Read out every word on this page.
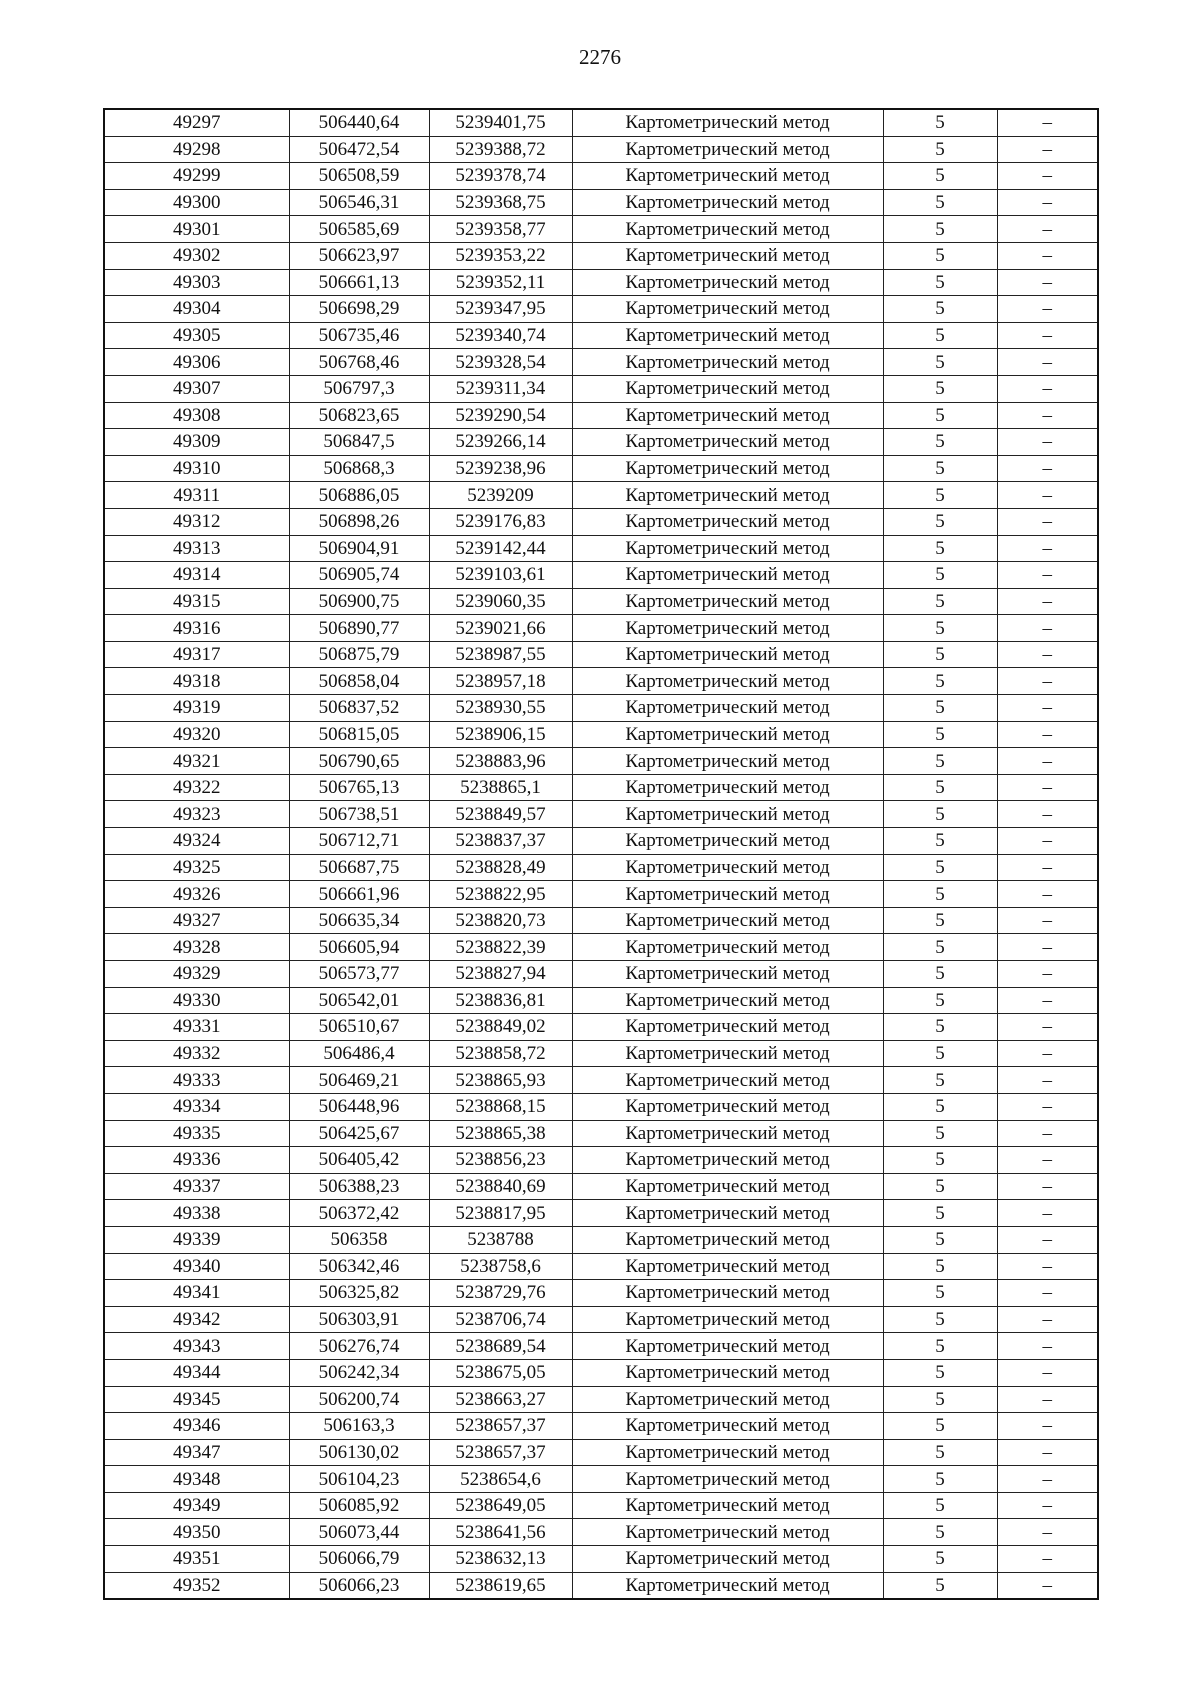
2276
49297	506440,64	5239401,75	Картометрический метод	5	–
49298	506472,54	5239388,72	Картометрический метод	5	–
49299	506508,59	5239378,74	Картометрический метод	5	–
49300	506546,31	5239368,75	Картометрический метод	5	–
49301	506585,69	5239358,77	Картометрический метод	5	–
49302	506623,97	5239353,22	Картометрический метод	5	–
49303	506661,13	5239352,11	Картометрический метод	5	–
49304	506698,29	5239347,95	Картометрический метод	5	–
49305	506735,46	5239340,74	Картометрический метод	5	–
49306	506768,46	5239328,54	Картометрический метод	5	–
49307	506797,3	5239311,34	Картометрический метод	5	–
49308	506823,65	5239290,54	Картометрический метод	5	–
49309	506847,5	5239266,14	Картометрический метод	5	–
49310	506868,3	5239238,96	Картометрический метод	5	–
49311	506886,05	5239209	Картометрический метод	5	–
49312	506898,26	5239176,83	Картометрический метод	5	–
49313	506904,91	5239142,44	Картометрический метод	5	–
49314	506905,74	5239103,61	Картометрический метод	5	–
49315	506900,75	5239060,35	Картометрический метод	5	–
49316	506890,77	5239021,66	Картометрический метод	5	–
49317	506875,79	5238987,55	Картометрический метод	5	–
49318	506858,04	5238957,18	Картометрический метод	5	–
49319	506837,52	5238930,55	Картометрический метод	5	–
49320	506815,05	5238906,15	Картометрический метод	5	–
49321	506790,65	5238883,96	Картометрический метод	5	–
49322	506765,13	5238865,1	Картометрический метод	5	–
49323	506738,51	5238849,57	Картометрический метод	5	–
49324	506712,71	5238837,37	Картометрический метод	5	–
49325	506687,75	5238828,49	Картометрический метод	5	–
49326	506661,96	5238822,95	Картометрический метод	5	–
49327	506635,34	5238820,73	Картометрический метод	5	–
49328	506605,94	5238822,39	Картометрический метод	5	–
49329	506573,77	5238827,94	Картометрический метод	5	–
49330	506542,01	5238836,81	Картометрический метод	5	–
49331	506510,67	5238849,02	Картометрический метод	5	–
49332	506486,4	5238858,72	Картометрический метод	5	–
49333	506469,21	5238865,93	Картометрический метод	5	–
49334	506448,96	5238868,15	Картометрический метод	5	–
49335	506425,67	5238865,38	Картометрический метод	5	–
49336	506405,42	5238856,23	Картометрический метод	5	–
49337	506388,23	5238840,69	Картометрический метод	5	–
49338	506372,42	5238817,95	Картометрический метод	5	–
49339	506358	5238788	Картометрический метод	5	–
49340	506342,46	5238758,6	Картометрический метод	5	–
49341	506325,82	5238729,76	Картометрический метод	5	–
49342	506303,91	5238706,74	Картометрический метод	5	–
49343	506276,74	5238689,54	Картометрический метод	5	–
49344	506242,34	5238675,05	Картометрический метод	5	–
49345	506200,74	5238663,27	Картометрический метод	5	–
49346	506163,3	5238657,37	Картометрический метод	5	–
49347	506130,02	5238657,37	Картометрический метод	5	–
49348	506104,23	5238654,6	Картометрический метод	5	–
49349	506085,92	5238649,05	Картометрический метод	5	–
49350	506073,44	5238641,56	Картометрический метод	5	–
49351	506066,79	5238632,13	Картометрический метод	5	–
49352	506066,23	5238619,65	Картометрический метод	5	–
